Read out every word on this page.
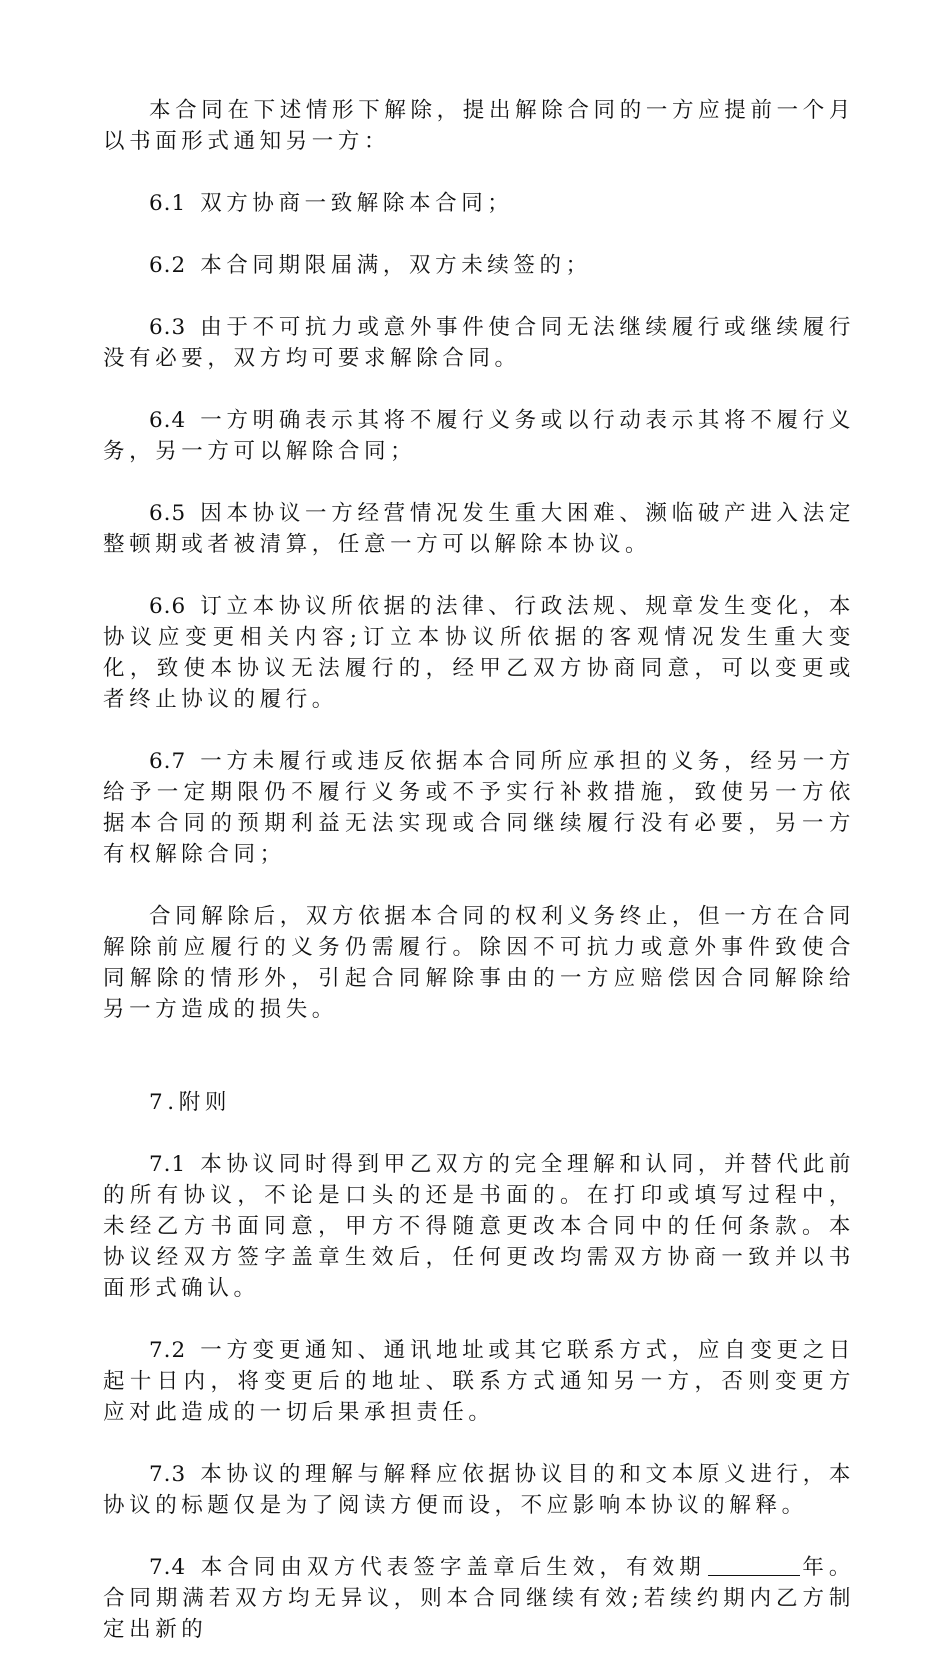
本合同在下述情形下解除，提出解除合同的一方应提前一个月以书面形式通知另一方：

6.1 双方协商一致解除本合同；

6.2 本合同期限届满，双方未续签的；

6.3 由于不可抗力或意外事件使合同无法继续履行或继续履行没有必要，双方均可要求解除合同。

6.4 一方明确表示其将不履行义务或以行动表示其将不履行义务，另一方可以解除合同；

6.5 因本协议一方经营情况发生重大困难、濒临破产进入法定整顿期或者被清算，任意一方可以解除本协议。

6.6 订立本协议所依据的法律、行政法规、规章发生变化，本协议应变更相关内容;订立本协议所依据的客观情况发生重大变化，致使本协议无法履行的，经甲乙双方协商同意，可以变更或者终止协议的履行。

6.7 一方未履行或违反依据本合同所应承担的义务，经另一方给予一定期限仍不履行义务或不予实行补救措施，致使另一方依据本合同的预期利益无法实现或合同继续履行没有必要，另一方有权解除合同；

合同解除后，双方依据本合同的权利义务终止，但一方在合同解除前应履行的义务仍需履行。除因不可抗力或意外事件致使合同解除的情形外，引起合同解除事由的一方应赔偿因合同解除给另一方造成的损失。

7.附则

7.1 本协议同时得到甲乙双方的完全理解和认同，并替代此前的所有协议，不论是口头的还是书面的。在打印或填写过程中，未经乙方书面同意，甲方不得随意更改本合同中的任何条款。本协议经双方签字盖章生效后，任何更改均需双方协商一致并以书面形式确认。

7.2 一方变更通知、通讯地址或其它联系方式，应自变更之日起十日内，将变更后的地址、联系方式通知另一方，否则变更方应对此造成的一切后果承担责任。

7.3 本协议的理解与解释应依据协议目的和文本原义进行，本协议的标题仅是为了阅读方便而设，不应影响本协议的解释。

7.4 本合同由双方代表签字盖章后生效，有效期	年。合同期满若双方均无异议，则本合同继续有效;若续约期内乙方制定出新的
